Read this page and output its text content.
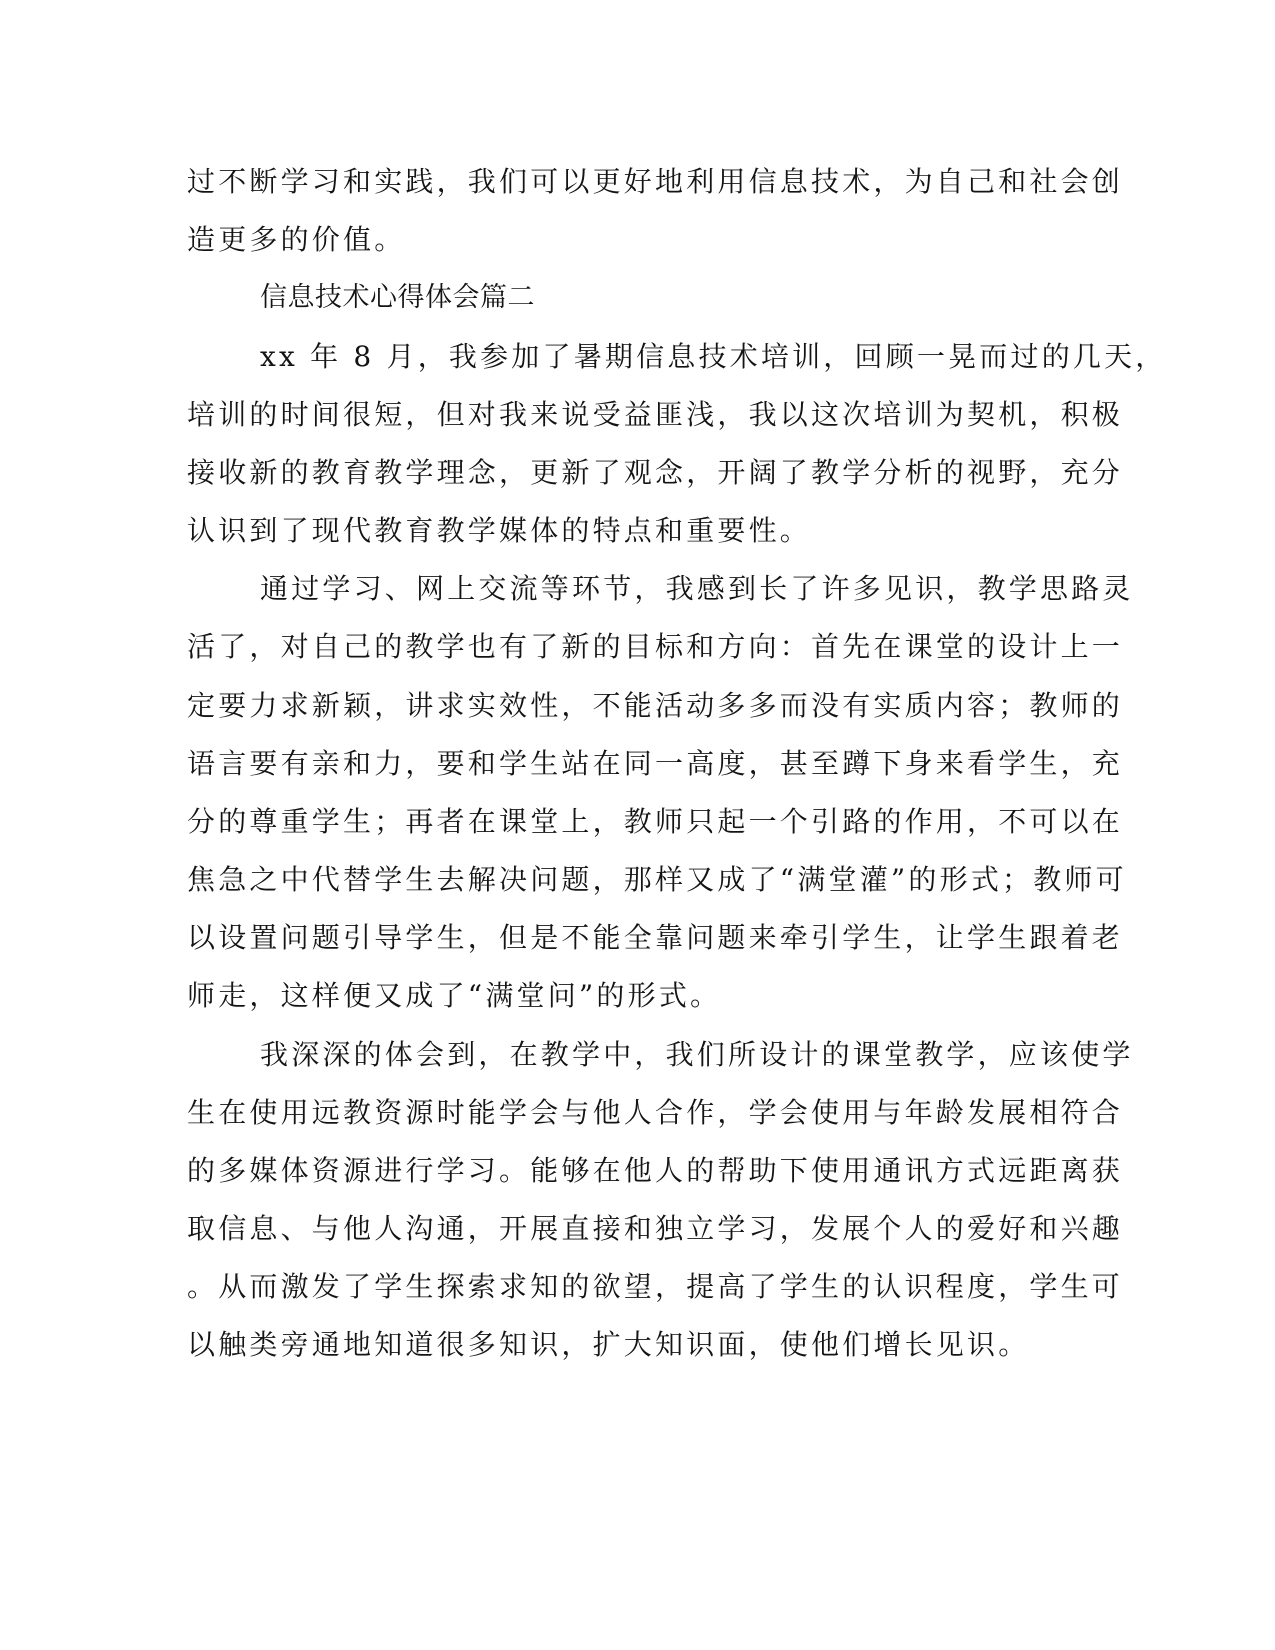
过不断学习和实践，我们可以更好地利用信息技术，为自己和社会创
造更多的价值。
信息技术心得体会篇二
xx 年 8 月，我参加了暑期信息技术培训，回顾一晃而过的几天，
培训的时间很短，但对我来说受益匪浅，我以这次培训为契机，积极
接收新的教育教学理念，更新了观念，开阔了教学分析的视野，充分
认识到了现代教育教学媒体的特点和重要性。
通过学习、网上交流等环节，我感到长了许多见识，教学思路灵
活了，对自己的教学也有了新的目标和方向：首先在课堂的设计上一
定要力求新颖，讲求实效性，不能活动多多而没有实质内容；教师的
语言要有亲和力，要和学生站在同一高度，甚至蹲下身来看学生，充
分的尊重学生；再者在课堂上，教师只起一个引路的作用，不可以在
焦急之中代替学生去解决问题，那样又成了“满堂灌”的形式；教师可
以设置问题引导学生，但是不能全靠问题来牵引学生，让学生跟着老
师走，这样便又成了“满堂问”的形式。
我深深的体会到，在教学中，我们所设计的课堂教学，应该使学
生在使用远教资源时能学会与他人合作，学会使用与年龄发展相符合
的多媒体资源进行学习。能够在他人的帮助下使用通讯方式远距离获
取信息、与他人沟通，开展直接和独立学习，发展个人的爱好和兴趣
。从而激发了学生探索求知的欲望，提高了学生的认识程度，学生可
以触类旁通地知道很多知识，扩大知识面，使他们增长见识。
